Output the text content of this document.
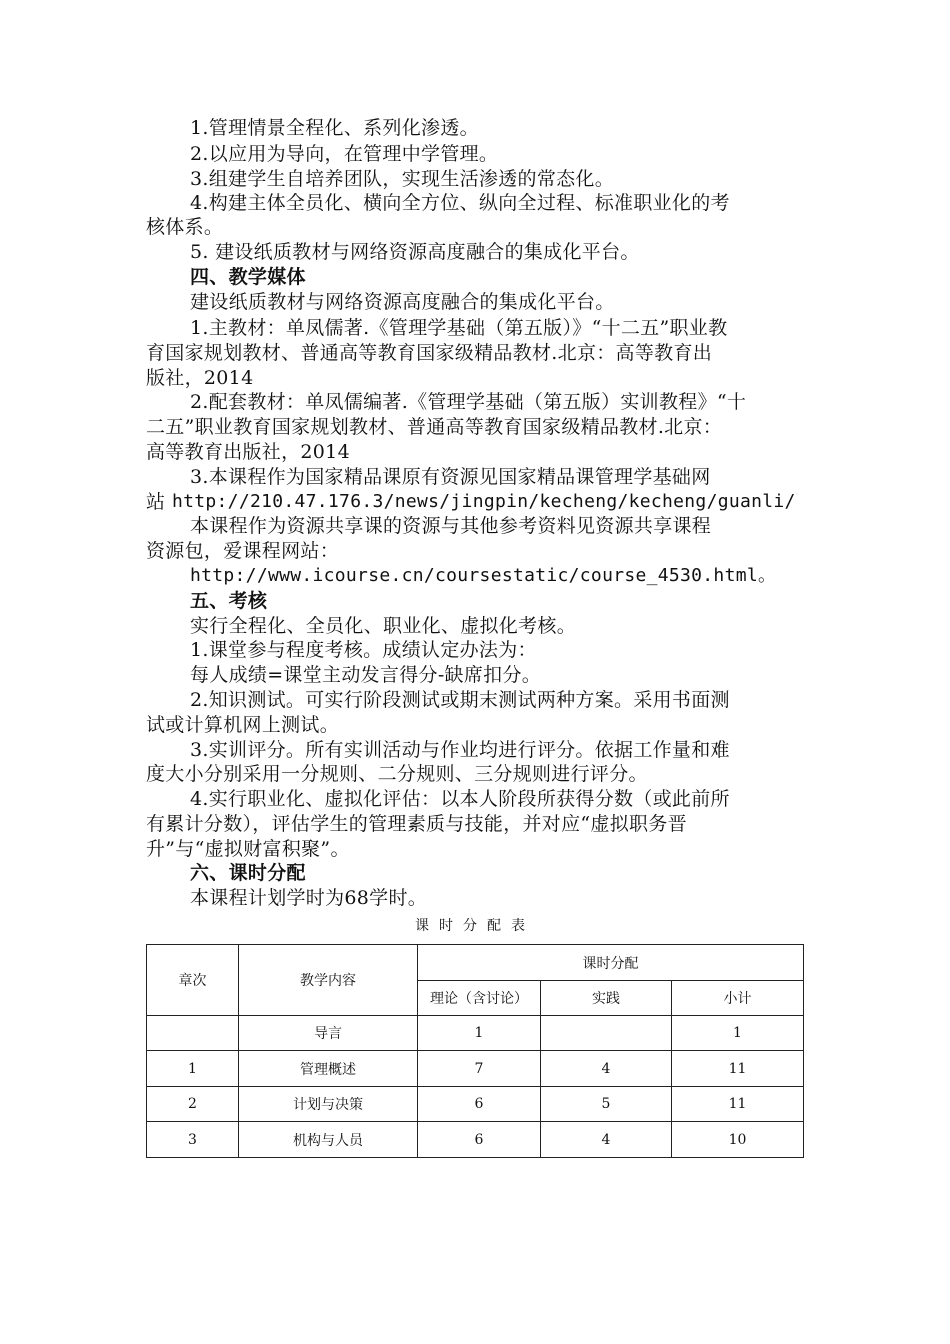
1.管理情景全程化、系列化渗透。
2.以应用为导向，在管理中学管理。
3.组建学生自培养团队，实现生活渗透的常态化。
4.构建主体全员化、横向全方位、纵向全过程、标准职业化的考
核体系。
5. 建设纸质教材与网络资源高度融合的集成化平台。
四、教学媒体
建设纸质教材与网络资源高度融合的集成化平台。
1.主教材：单凤儒著.《管理学基础（第五版）》“十二五”职业教
育国家规划教材、普通高等教育国家级精品教材.北京：高等教育出
版社，2014
2.配套教材：单凤儒编著.《管理学基础（第五版）实训教程》“十
二五”职业教育国家规划教材、普通高等教育国家级精品教材.北京：
高等教育出版社，2014
3.本课程作为国家精品课原有资源见国家精品课管理学基础网
站 http://210.47.176.3/news/jingpin/kecheng/kecheng/guanli/
本课程作为资源共享课的资源与其他参考资料见资源共享课程
资源包，爱课程网站：
http://www.icourse.cn/coursestatic/course_4530.html。
五、考核
实行全程化、全员化、职业化、虚拟化考核。
1.课堂参与程度考核。成绩认定办法为：
每人成绩=课堂主动发言得分-缺席扣分。
2.知识测试。可实行阶段测试或期末测试两种方案。采用书面测
试或计算机网上测试。
3.实训评分。所有实训活动与作业均进行评分。依据工作量和难
度大小分别采用一分规则、二分规则、三分规则进行评分。
4.实行职业化、虚拟化评估：以本人阶段所获得分数（或此前所
有累计分数），评估学生的管理素质与技能，并对应“虚拟职务晋
升”与“虚拟财富积聚”。
六、课时分配
本课程计划学时为68学时。
课时分配表
章次	教学内容	课时分配		
		理论（含讨论）	实践	小计
	导言	1		1
1	管理概述	7	4	11
2	计划与决策	6	5	11
3	机构与人员	6	4	10
